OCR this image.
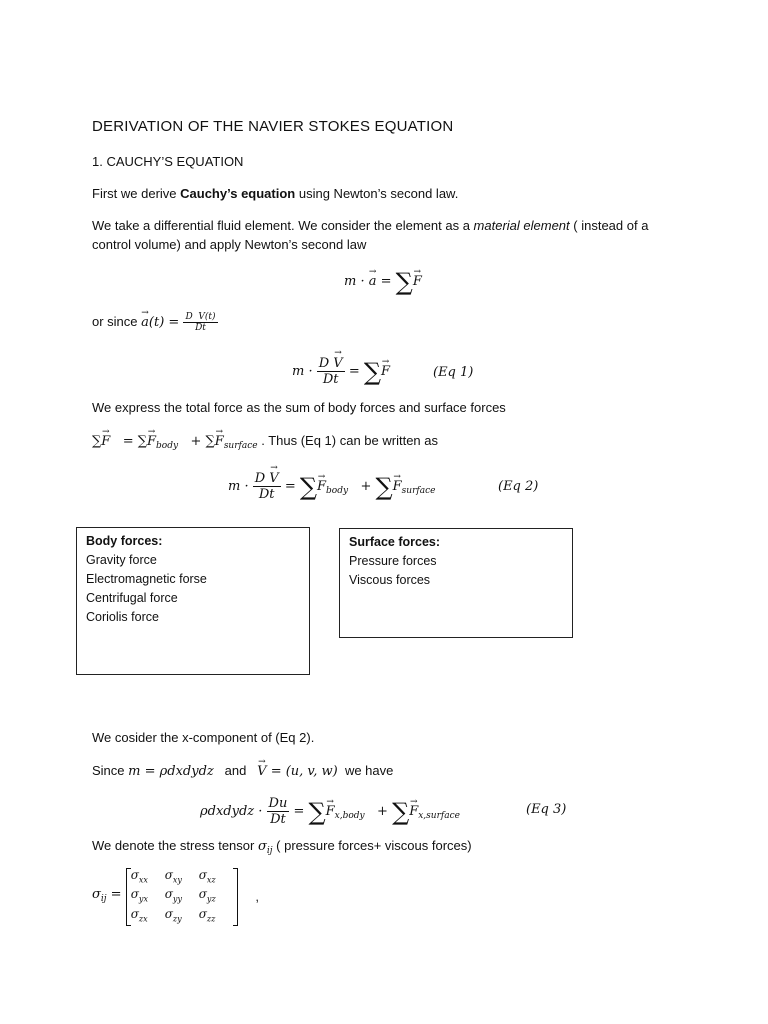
DERIVATION OF THE NAVIER STOKES EQUATION
1. CAUCHY’S EQUATION
First we derive Cauchy’s equation using Newton’s second law.
We take a differential fluid element. We consider the element as a material element ( instead of a
control volume) and apply Newton’s second law
m · → a = ∑→ F
or since → $a(t) = \frac{\text{D  V(t)}}{Dt}$
$m \cdot \frac{D \to V}{Dt}$ = ∑→ F	(Eq 1)
We express the total force as the sum of body forces and surface forces
∑→ F   = ∑→ $F_{body}$   + ∑→ $F_{surface}$ . Thus (Eq 1) can be written as
$m \cdot \frac{D \to V}{Dt}$ = ∑→ $F_{body}$   + ∑→ $F_{surface}$	(Eq 2)
Body forces:
Gravity force
Electromagnetic forse
Centrifugal force
Coriolis force
Surface forces:
Pressure forces
Viscous forces
We cosider the x-component of (Eq 2).
Since m = ρdxdydz and → V = (u, v, w) we have
ρdxdydz · $\frac{Du}{Dt}$ = ∑→ $F_{x,body}$   + ∑→ $F_{x,surface}$	(Eq 3)
We denote the stress tensor $\sigma_{ij}$ ( pressure forces+ viscous forces)
$\sigma_{ij}$ =
$\sigma_{xx}$ $\sigma_{xy}$ $\sigma_{xz}$
$\sigma_{yx}$ $\sigma_{yy}$ $\sigma_{yz}$
$\sigma_{zx}$ $\sigma_{zy}$ $\sigma_{zz}$
,
